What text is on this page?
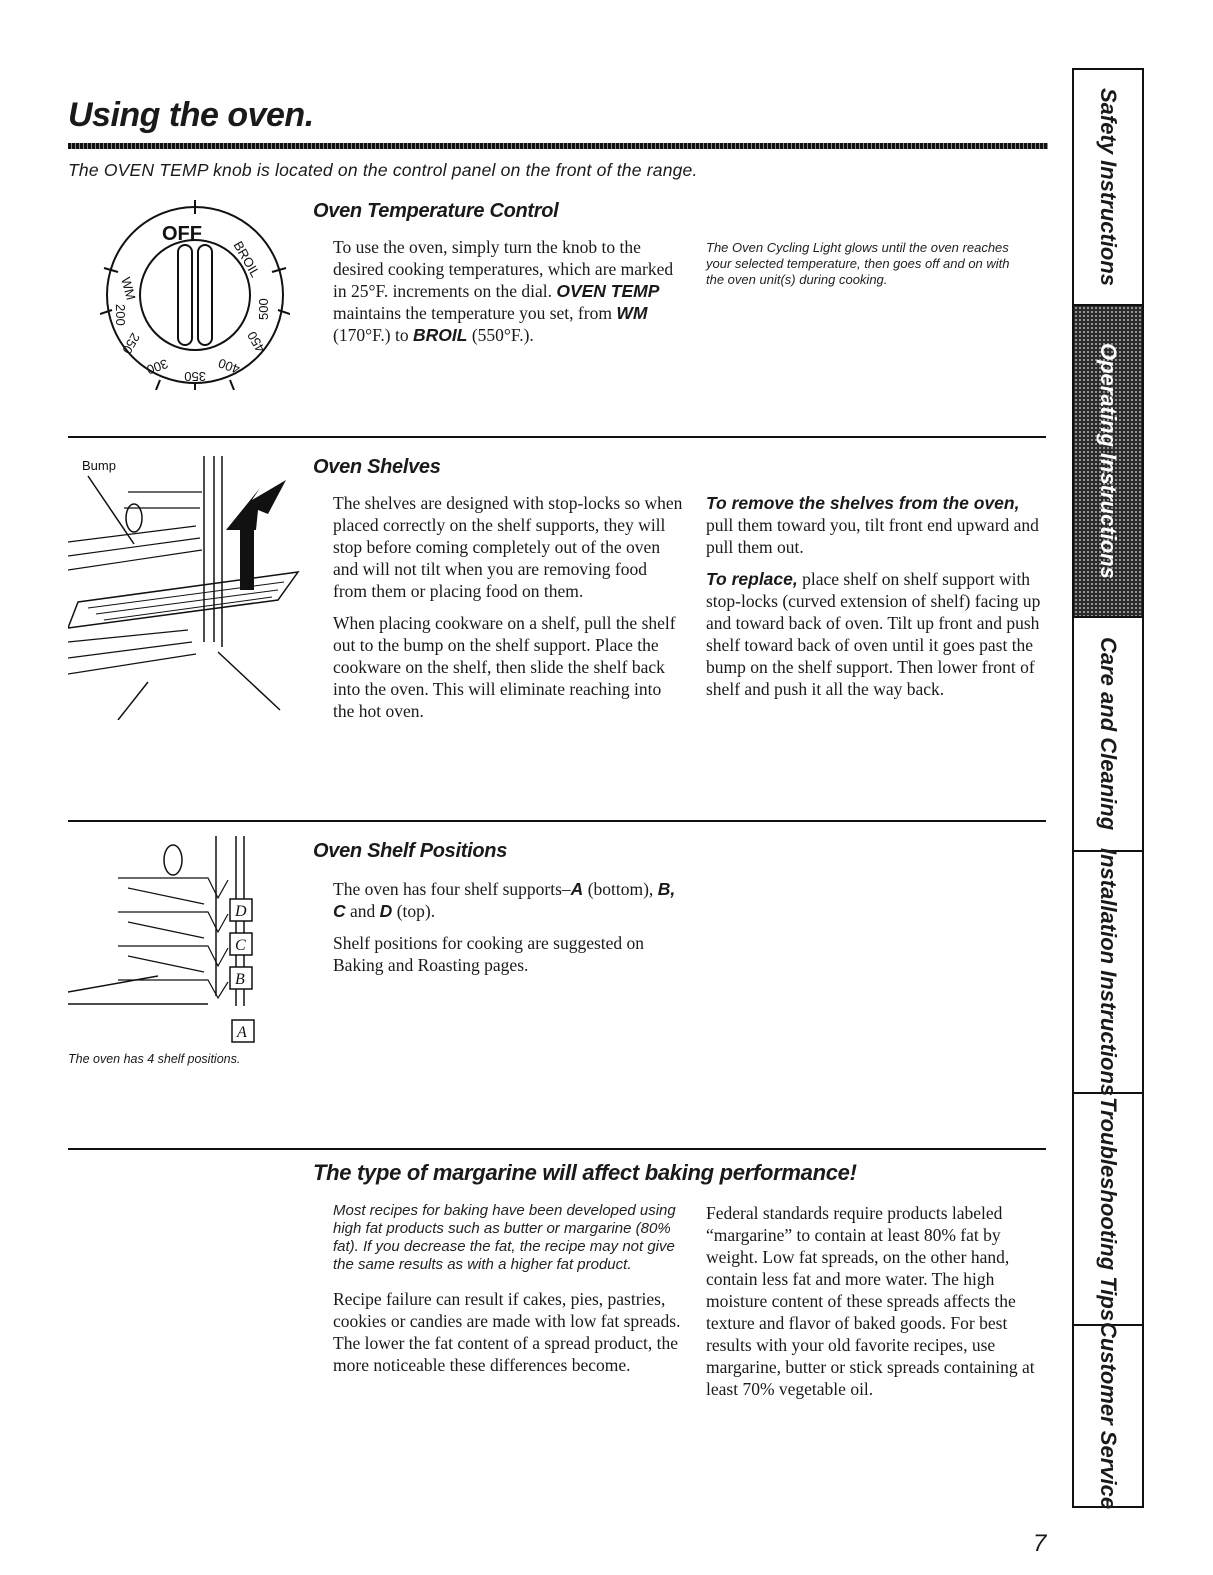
Using the oven.

The OVEN TEMP knob is located on the control panel on the front of the range.

OFF
WM
200
250
300 350 400
450
500
BROIL
Oven Temperature Control

To use the oven, simply turn the knob to the desired cooking temperatures, which are marked in 25°F. increments on the dial. OVEN TEMP maintains the temperature you set, from WM (170°F.) to BROIL (550°F.).

The Oven Cycling Light glows until the oven reaches your selected temperature, then goes off and on with the oven unit(s) during cooking.

Bump	Oven Shelves

The shelves are designed with stop-locks so when placed correctly on the shelf supports, they will stop before coming completely out of the oven and will not tilt when you are removing food from them or placing food on them.

When placing cookware on a shelf, pull the shelf out to the bump on the shelf support. Place the cookware on the shelf, then slide the shelf back into the oven. This will eliminate reaching into the hot oven.

To remove the shelves from the oven, pull them toward you, tilt front end upward and pull them out.

To replace, place shelf on shelf support with stop-locks (curved extension of shelf) facing up and toward back of oven. Tilt up front and push shelf toward back of oven until it goes past the bump on the shelf support. Then lower front of shelf and push it all the way back.

D
C
B
A

The oven has 4 shelf positions.

Oven Shelf Positions

The oven has four shelf supports–A (bottom), B, C and D (top).

Shelf positions for cooking are suggested on Baking and Roasting pages.

The type of margarine will affect baking performance!

Most recipes for baking have been developed using high fat products such as butter or margarine (80% fat). If you decrease the fat, the recipe may not give the same results as with a higher fat product.

Recipe failure can result if cakes, pies, pastries, cookies or candies are made with low fat spreads. The lower the fat content of a spread product, the more noticeable these differences become.

Federal standards require products labeled “margarine” to contain at least 80% fat by weight. Low fat spreads, on the other hand, contain less fat and more water. The high moisture content of these spreads affects the texture and flavor of baked goods. For best results with your old favorite recipes, use margarine, butter or stick spreads containing at least 70% vegetable oil.

7

Safety Instructions
Operating Instructions
Care and Cleaning
Installation Instructions
Troubleshooting Tips
Customer Service
